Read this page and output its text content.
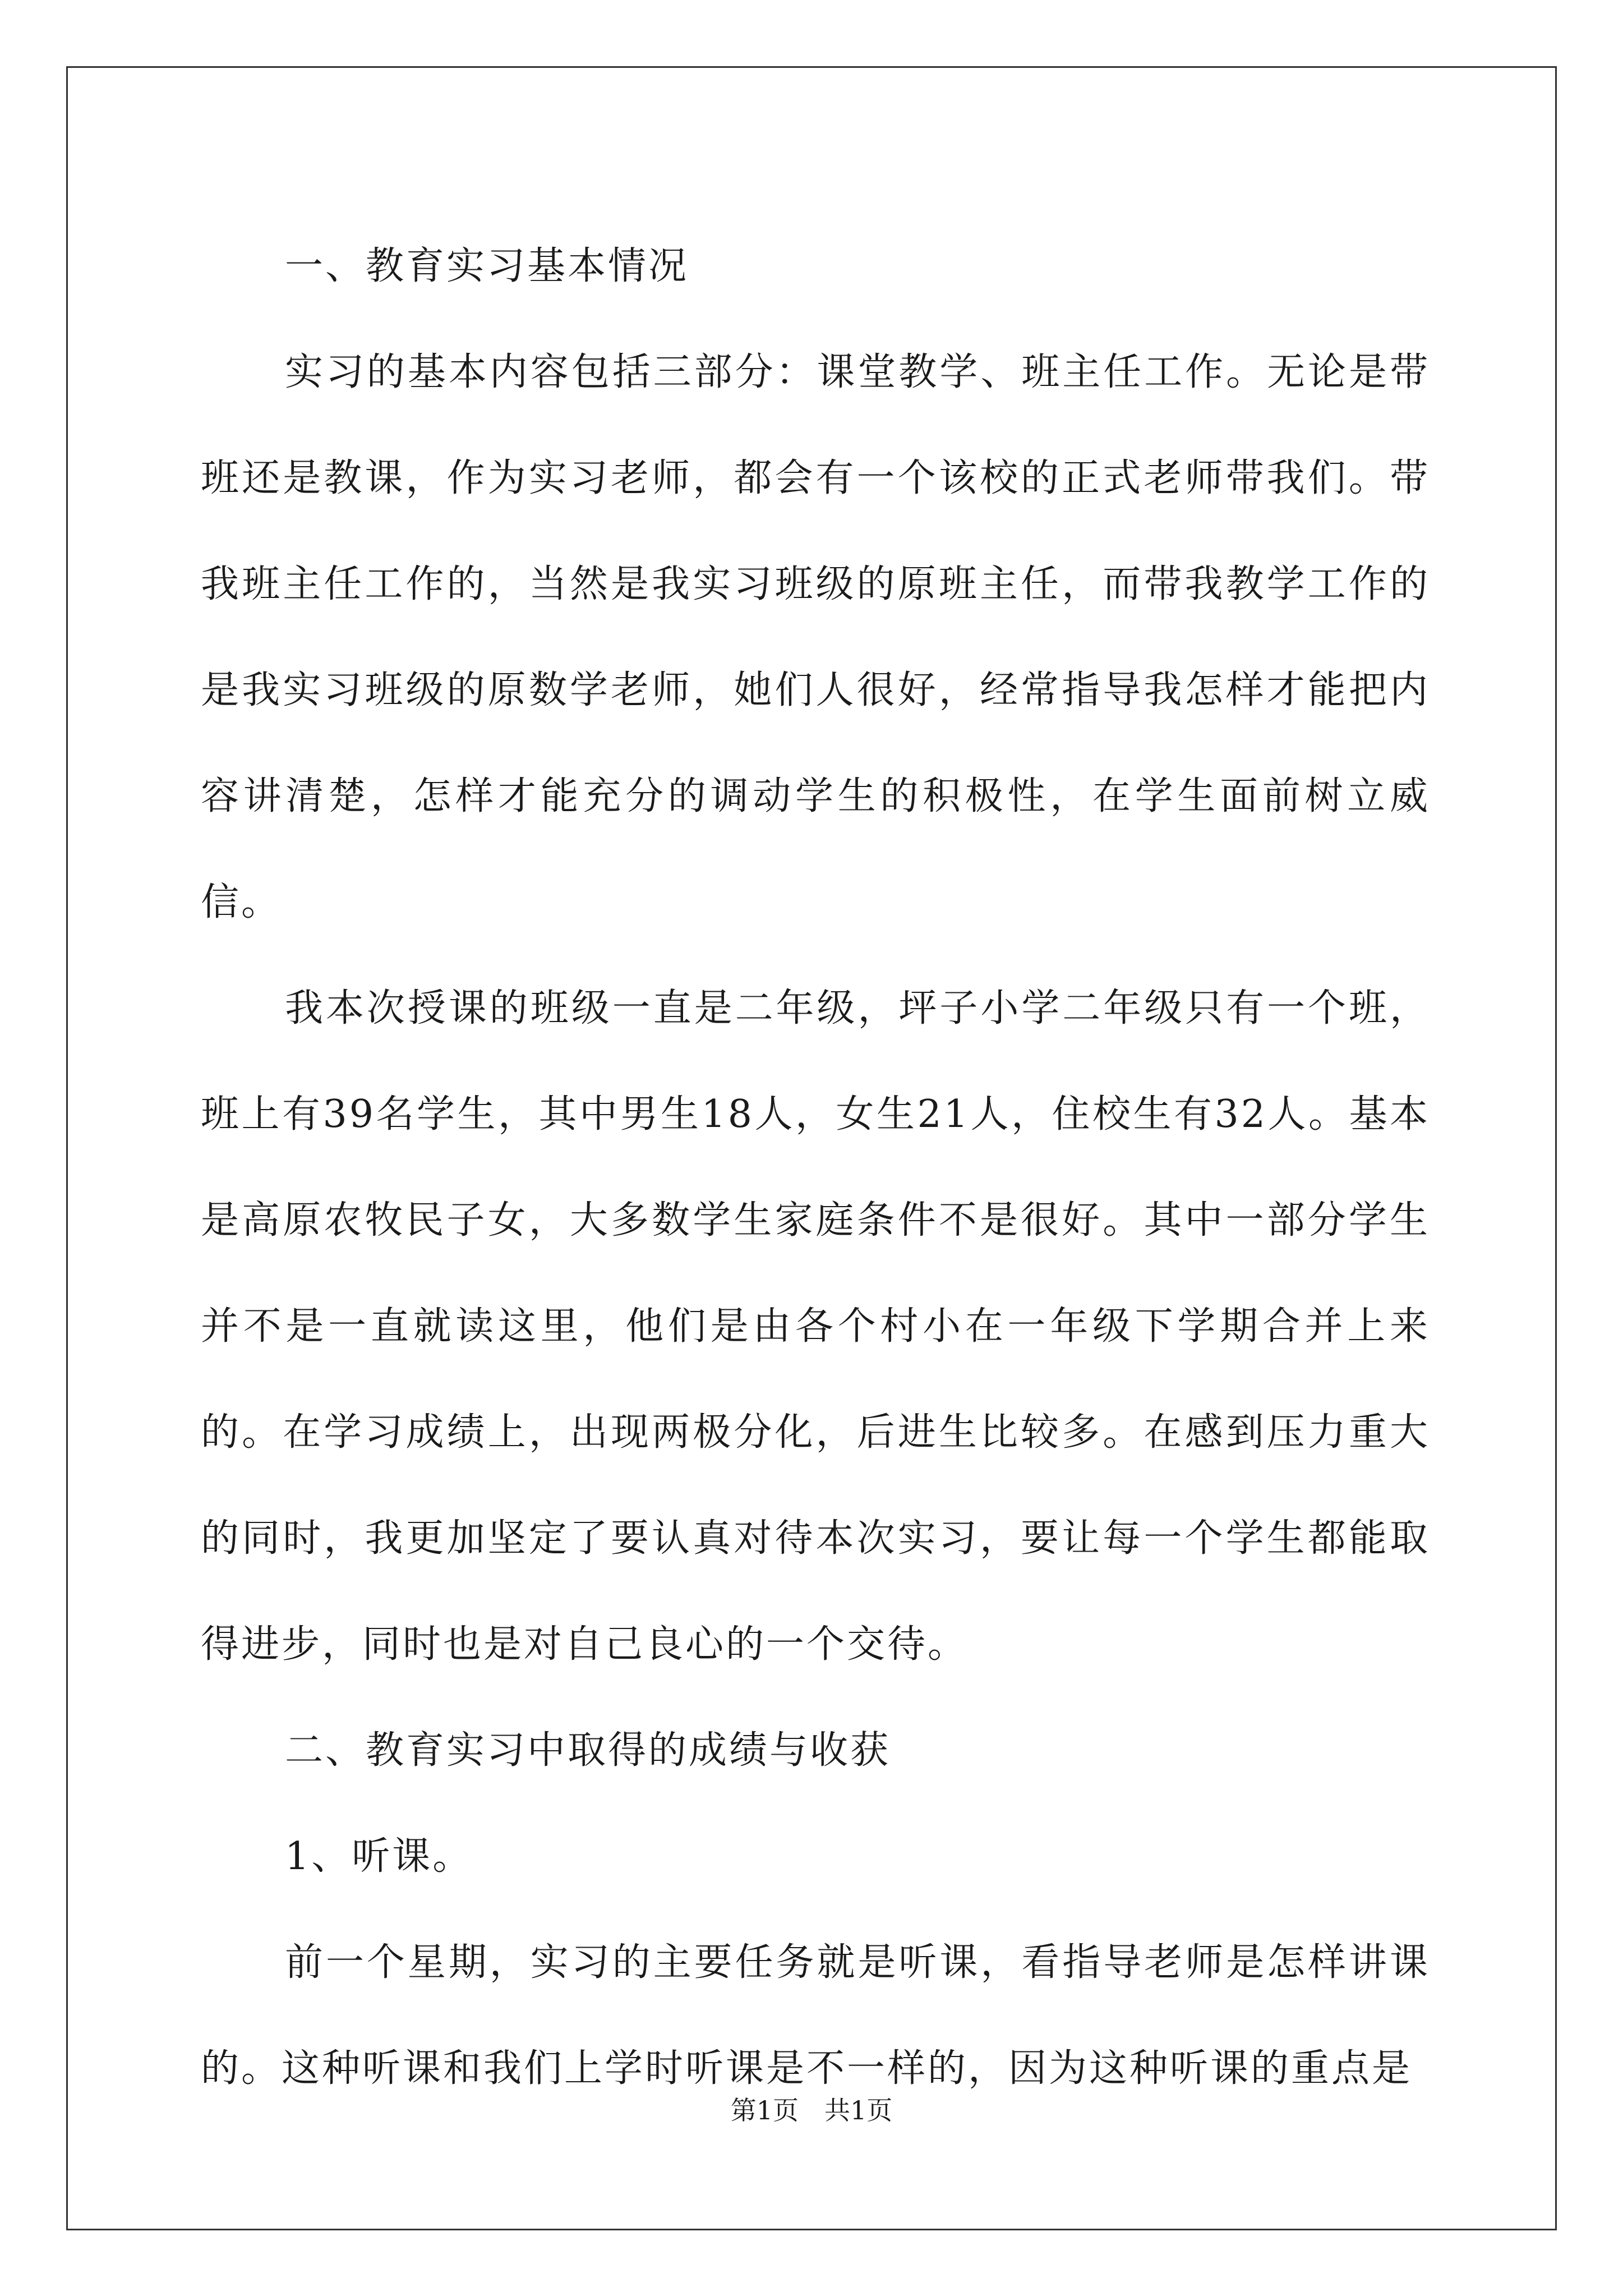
一、教育实习基本情况

实习的基本内容包括三部分：课堂教学、班主任工作。无论是带班还是教课，作为实习老师，都会有一个该校的正式老师带我们。带我班主任工作的，当然是我实习班级的原班主任，而带我教学工作的是我实习班级的原数学老师，她们人很好，经常指导我怎样才能把内容讲清楚，怎样才能充分的调动学生的积极性，在学生面前树立威信。

我本次授课的班级一直是二年级，坪子小学二年级只有一个班，班上有39名学生，其中男生18人，女生21人，住校生有32人。基本是高原农牧民子女，大多数学生家庭条件不是很好。其中一部分学生并不是一直就读这里，他们是由各个村小在一年级下学期合并上来的。在学习成绩上，出现两极分化，后进生比较多。在感到压力重大的同时，我更加坚定了要认真对待本次实习，要让每一个学生都能取得进步，同时也是对自己良心的一个交待。

二、教育实习中取得的成绩与收获

1、听课。

前一个星期，实习的主要任务就是听课，看指导老师是怎样讲课的。这种听课和我们上学时听课是不一样的，因为这种听课的重点是

第1页　共1页
